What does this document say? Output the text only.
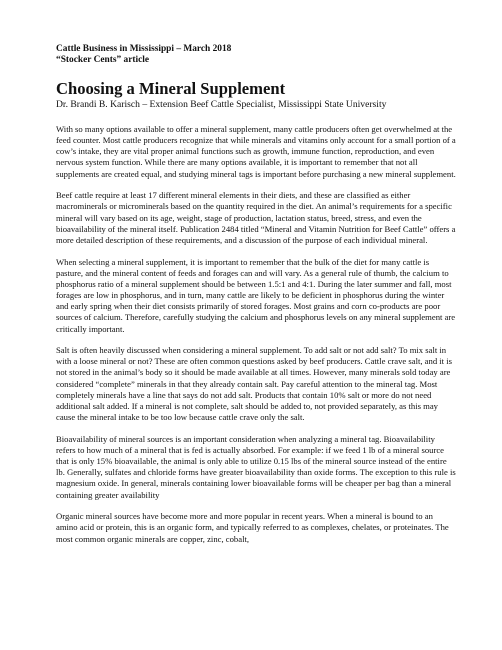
Cattle Business in Mississippi – March 2018
“Stocker Cents” article
Choosing a Mineral Supplement
Dr. Brandi B. Karisch – Extension Beef Cattle Specialist, Mississippi State University

With so many options available to offer a mineral supplement, many cattle producers often get overwhelmed at the feed counter. Most cattle producers recognize that while minerals and vitamins only account for a small portion of a cow’s intake, they are vital proper animal functions such as growth, immune function, reproduction, and even nervous system function. While there are many options available, it is important to remember that not all supplements are created equal, and studying mineral tags is important before purchasing a new mineral supplement.

Beef cattle require at least 17 different mineral elements in their diets, and these are classified as either macrominerals or microminerals based on the quantity required in the diet. An animal’s requirements for a specific mineral will vary based on its age, weight, stage of production, lactation status, breed, stress, and even the bioavailability of the mineral itself. Publication 2484 titled “Mineral and Vitamin Nutrition for Beef Cattle” offers a more detailed description of these requirements, and a discussion of the purpose of each individual mineral.

When selecting a mineral supplement, it is important to remember that the bulk of the diet for many cattle is pasture, and the mineral content of feeds and forages can and will vary. As a general rule of thumb, the calcium to phosphorus ratio of a mineral supplement should be between 1.5:1 and 4:1. During the later summer and fall, most forages are low in phosphorus, and in turn, many cattle are likely to be deficient in phosphorus during the winter and early spring when their diet consists primarily of stored forages. Most grains and corn co-products are poor sources of calcium. Therefore, carefully studying the calcium and phosphorus levels on any mineral supplement are critically important.

Salt is often heavily discussed when considering a mineral supplement. To add salt or not add salt? To mix salt in with a loose mineral or not? These are often common questions asked by beef producers. Cattle crave salt, and it is not stored in the animal’s body so it should be made available at all times. However, many minerals sold today are considered “complete” minerals in that they already contain salt. Pay careful attention to the mineral tag. Most completely minerals have a line that says do not add salt. Products that contain 10% salt or more do not need additional salt added. If a mineral is not complete, salt should be added to, not provided separately, as this may cause the mineral intake to be too low because cattle crave only the salt.

Bioavailability of mineral sources is an important consideration when analyzing a mineral tag. Bioavailability refers to how much of a mineral that is fed is actually absorbed. For example: if we feed 1 lb of a mineral source that is only 15% bioavailable, the animal is only able to utilize 0.15 lbs of the mineral source instead of the entire lb. Generally, sulfates and chloride forms have greater bioavailability than oxide forms. The exception to this rule is magnesium oxide. In general, minerals containing lower bioavailable forms will be cheaper per bag than a mineral containing greater availability

Organic mineral sources have become more and more popular in recent years. When a mineral is bound to an amino acid or protein, this is an organic form, and typically referred to as complexes, chelates, or proteinates. The most common organic minerals are copper, zinc, cobalt,
